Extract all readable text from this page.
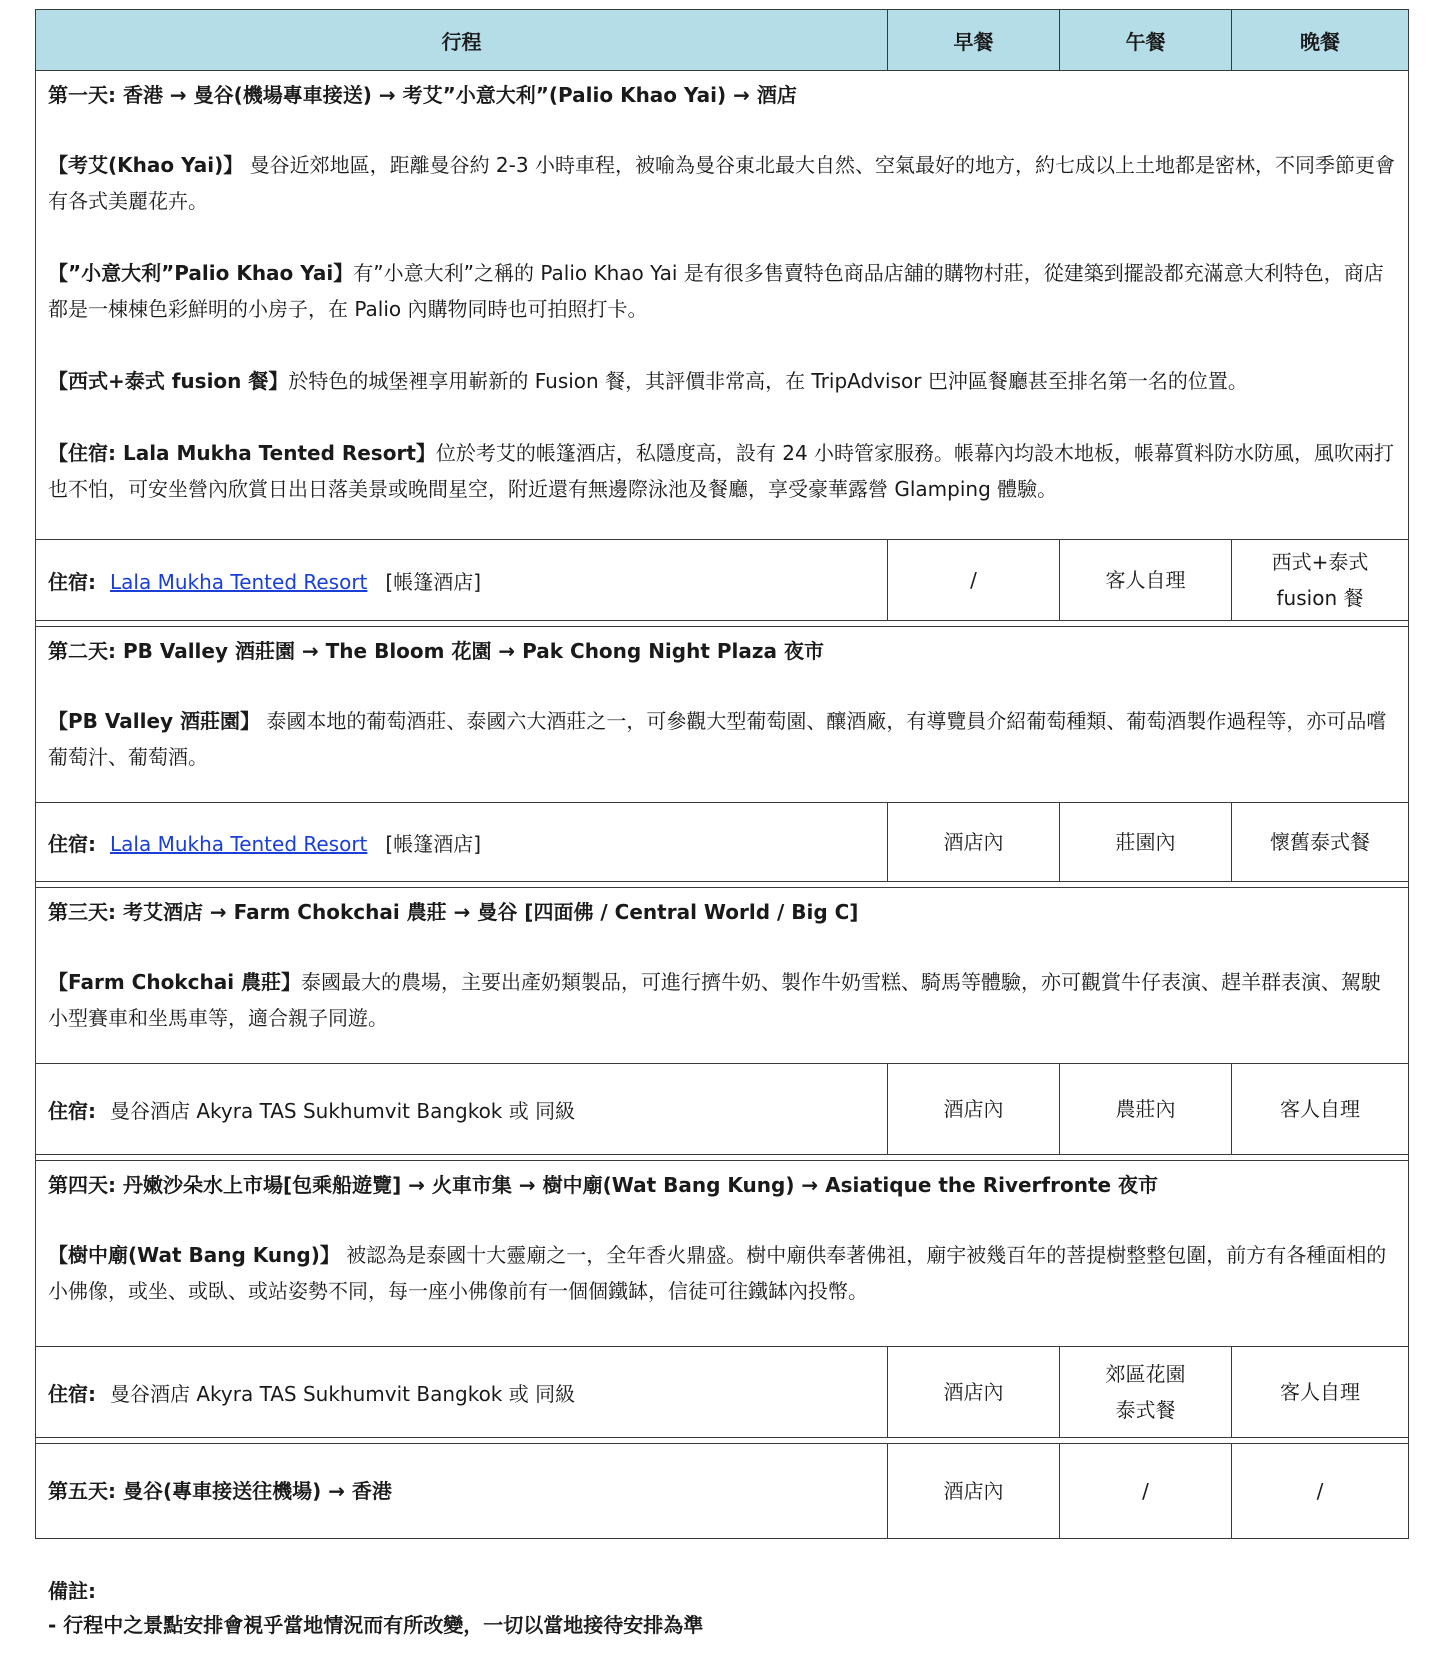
行程	早餐	午餐	晚餐

第一天: 香港 → 曼谷(機場專車接送) → 考艾”小意大利”(Palio Khao Yai) → 酒店
【考艾(Khao Yai)】 曼谷近郊地區，距離曼谷約 2-3 小時車程，被喻為曼谷東北最大自然、空氣最好的地方，約七成以上土地都是密林，不同季節更會有各式美麗花卉。
【”小意大利”Palio Khao Yai】有”小意大利”之稱的 Palio Khao Yai 是有很多售賣特色商品店舖的購物村莊，從建築到擺設都充滿意大利特色，商店都是一棟棟色彩鮮明的小房子，在 Palio 內購物同時也可拍照打卡。
【西式+泰式 fusion 餐】於特色的城堡裡享用嶄新的 Fusion 餐，其評價非常高，在 TripAdvisor 巴沖區餐廳甚至排名第一名的位置。
【住宿: Lala Mukha Tented Resort】位於考艾的帳篷酒店，私隱度高，設有 24 小時管家服務。帳幕內均設木地板，帳幕質料防水防風，風吹兩打也不怕，可安坐營內欣賞日出日落美景或晚間星空，附近還有無邊際泳池及餐廳，享受豪華露營 Glamping 體驗。			

住宿: Lala Mukha Tented Resort [帳篷酒店]	/	客人自理	西式+泰式
fusion 餐

第二天: PB Valley 酒莊園 → The Bloom 花園 → Pak Chong Night Plaza 夜市
【PB Valley 酒莊園】 泰國本地的葡萄酒莊、泰國六大酒莊之一，可參觀大型葡萄園、釀酒廠，有導覽員介紹葡萄種類、葡萄酒製作過程等，亦可品嚐葡萄汁、葡萄酒。			

住宿: Lala Mukha Tented Resort [帳篷酒店]	酒店內	莊園內	懷舊泰式餐

第三天: 考艾酒店 → Farm Chokchai 農莊 → 曼谷 [四面佛 / Central World / Big C]
【Farm Chokchai 農莊】泰國最大的農場，主要出產奶類製品，可進行擠牛奶、製作牛奶雪糕、騎馬等體驗，亦可觀賞牛仔表演、趕羊群表演、駕駛小型賽車和坐馬車等，適合親子同遊。			

住宿: 曼谷酒店 Akyra TAS Sukhumvit Bangkok 或 同級	酒店內	農莊內	客人自理

第四天: 丹嫩沙朵水上市場[包乘船遊覽] → 火車市集 → 樹中廟(Wat Bang Kung) → Asiatique the Riverfronte 夜市
【樹中廟(Wat Bang Kung)】 被認為是泰國十大靈廟之一，全年香火鼎盛。樹中廟供奉著佛祖，廟宇被幾百年的菩提樹整整包圍，前方有各種面相的小佛像，或坐、或臥、或站姿勢不同，每一座小佛像前有一個個鐵缽，信徒可往鐵缽內投幣。			

住宿: 曼谷酒店 Akyra TAS Sukhumvit Bangkok 或 同級	酒店內	郊區花園
泰式餐	客人自理

第五天: 曼谷(專車接送往機場) → 香港	酒店內	/	/
備註:
- 行程中之景點安排會視乎當地情況而有所改變，一切以當地接待安排為準
